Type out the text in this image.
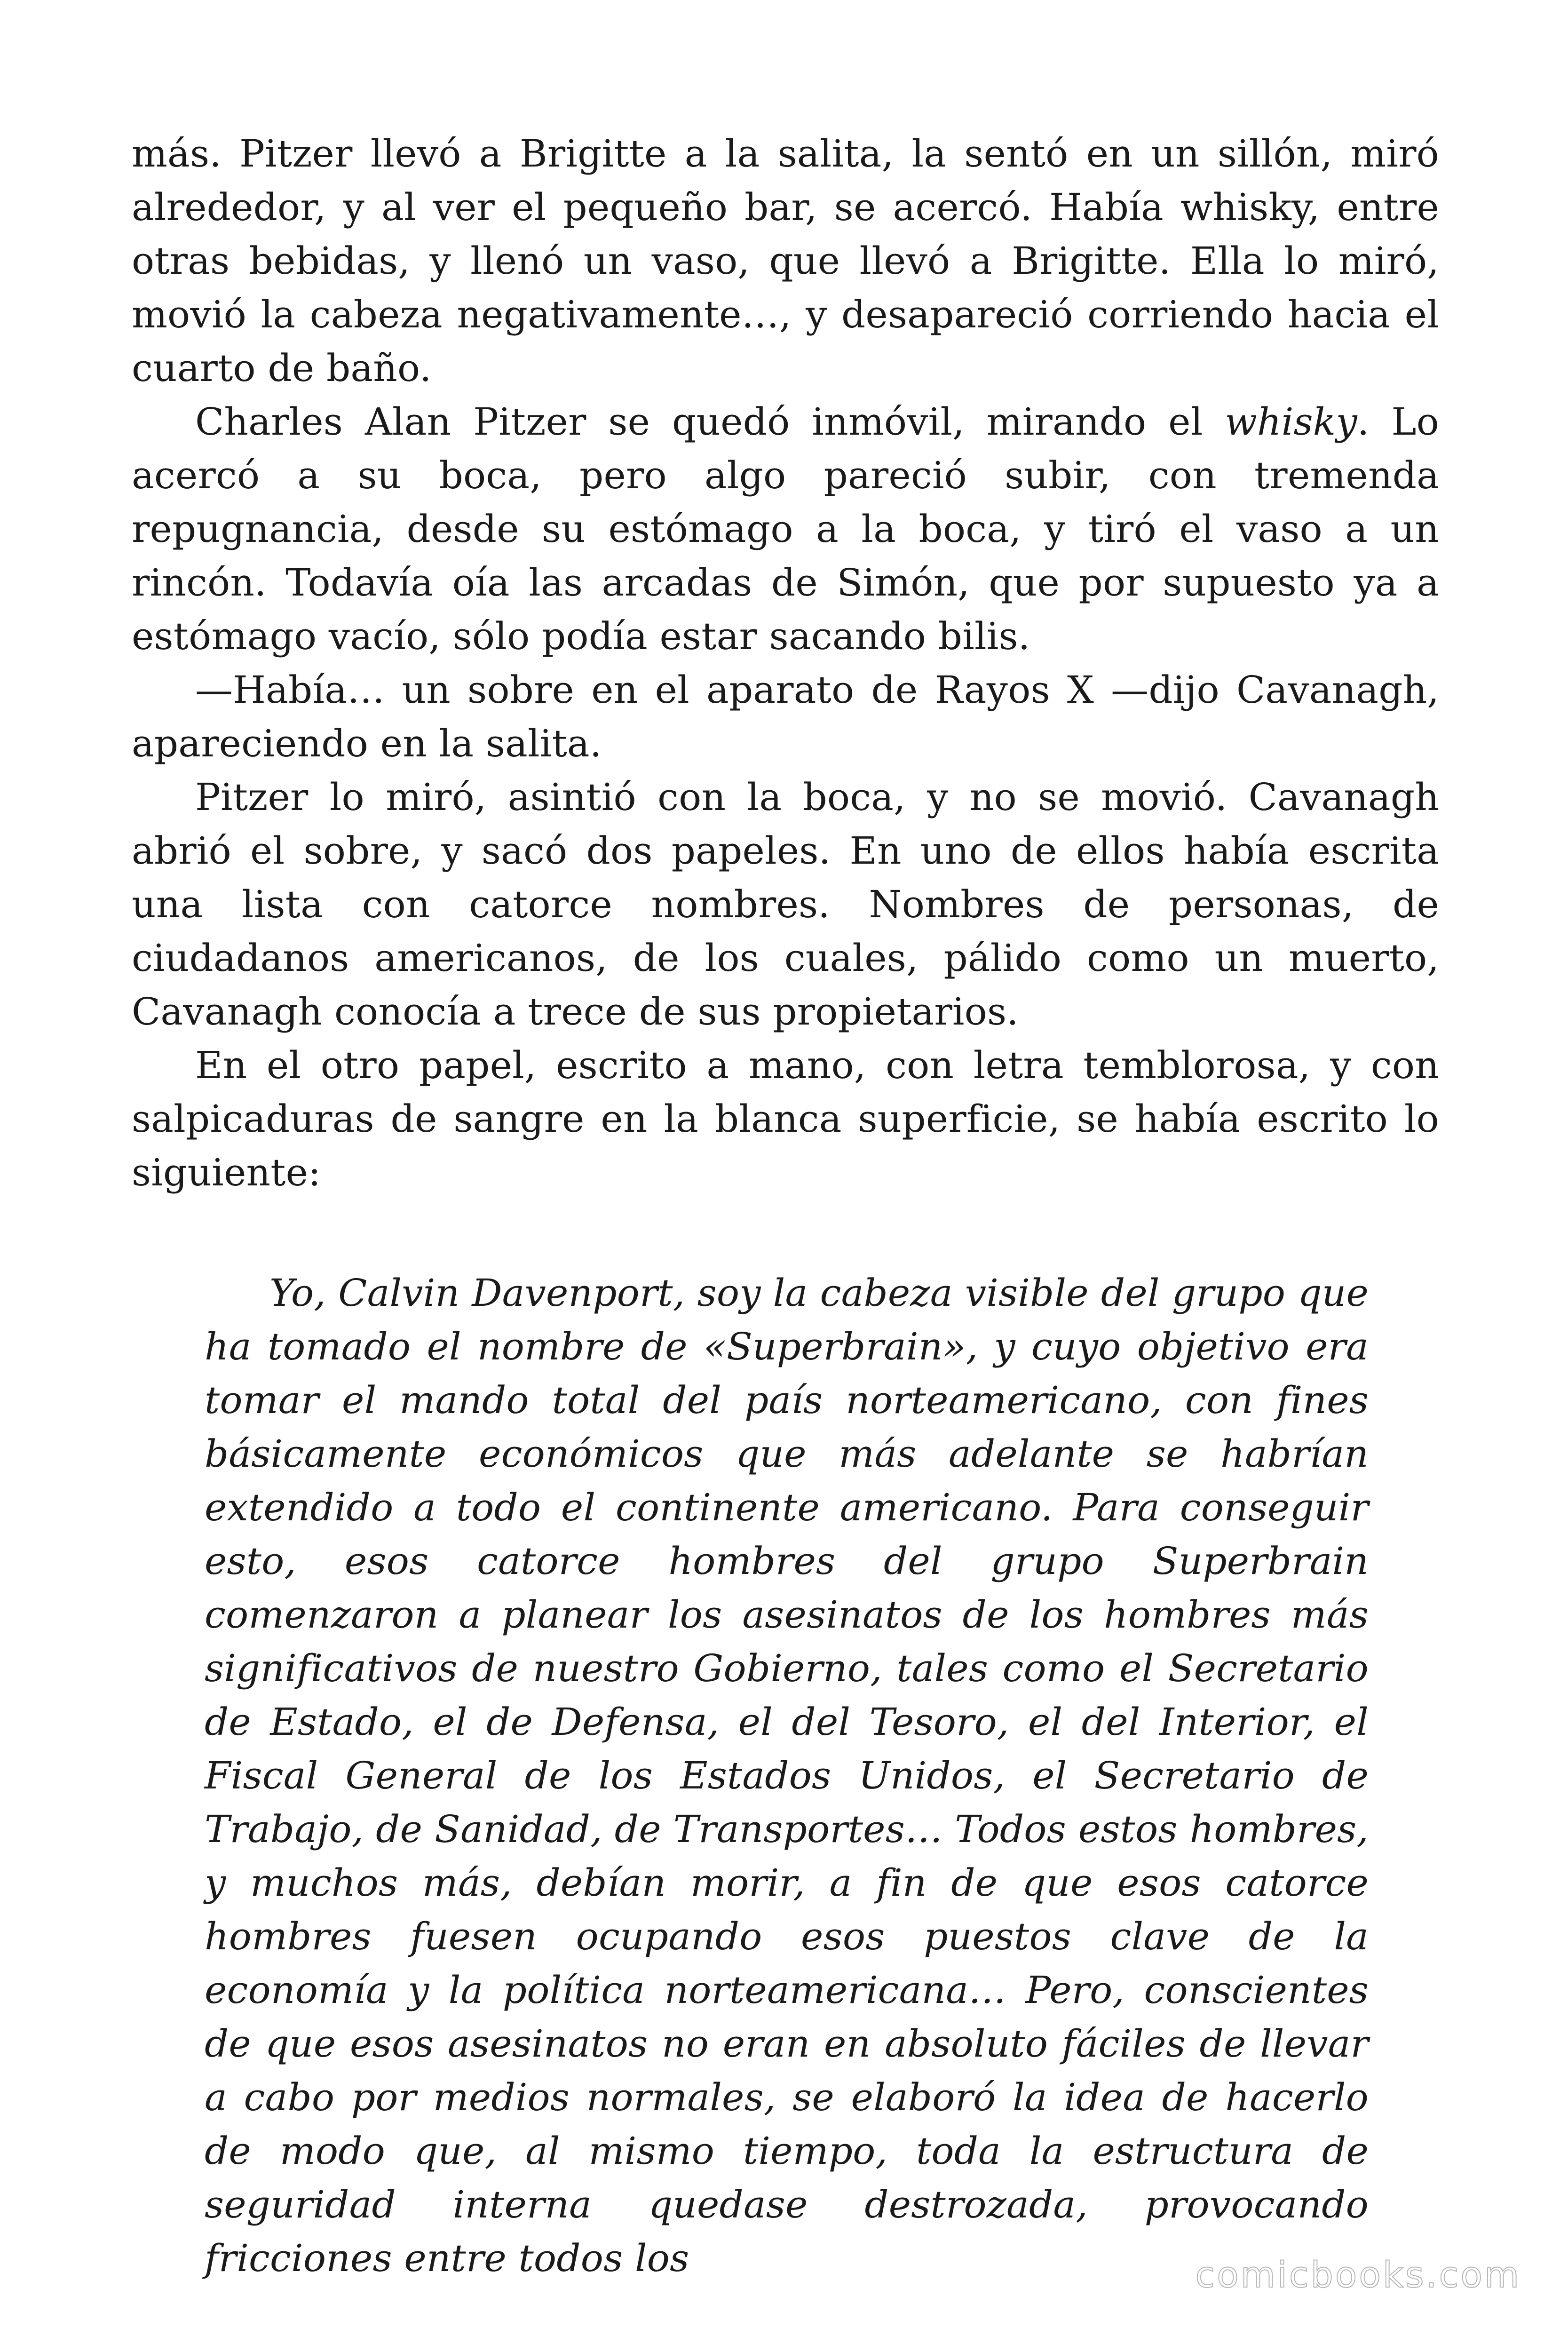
más. Pitzer llevó a Brigitte a la salita, la sentó en un sillón, miró alrededor, y al ver el pequeño bar, se acercó. Había whisky, entre otras bebidas, y llenó un vaso, que llevó a Brigitte. Ella lo miró, movió la cabeza negativamente…, y desapareció corriendo hacia el cuarto de baño.

Charles Alan Pitzer se quedó inmóvil, mirando el whisky. Lo acercó a su boca, pero algo pareció subir, con tremenda repugnancia, desde su estómago a la boca, y tiró el vaso a un rincón. Todavía oía las arcadas de Simón, que por supuesto ya a estómago vacío, sólo podía estar sacando bilis.

—Había… un sobre en el aparato de Rayos X —dijo Cavanagh, apareciendo en la salita.

Pitzer lo miró, asintió con la boca, y no se movió. Cavanagh abrió el sobre, y sacó dos papeles. En uno de ellos había escrita una lista con catorce nombres. Nombres de personas, de ciudadanos americanos, de los cuales, pálido como un muerto, Cavanagh conocía a trece de sus propietarios.

En el otro papel, escrito a mano, con letra temblorosa, y con salpicaduras de sangre en la blanca superficie, se había escrito lo siguiente:

Yo, Calvin Davenport, soy la cabeza visible del grupo que ha tomado el nombre de «Superbrain», y cuyo objetivo era tomar el mando total del país norteamericano, con fines básicamente económicos que más adelante se habrían extendido a todo el continente americano. Para conseguir esto, esos catorce hombres del grupo Superbrain comenzaron a planear los asesinatos de los hombres más significativos de nuestro Gobierno, tales como el Secretario de Estado, el de Defensa, el del Tesoro, el del Interior, el Fiscal General de los Estados Unidos, el Secretario de Trabajo, de Sanidad, de Transportes… Todos estos hombres, y muchos más, debían morir, a fin de que esos catorce hombres fuesen ocupando esos puestos clave de la economía y la política norteamericana… Pero, conscientes de que esos asesinatos no eran en absoluto fáciles de llevar a cabo por medios normales, se elaboró la idea de hacerlo de modo que, al mismo tiempo, toda la estructura de seguridad interna quedase destrozada, provocando fricciones entre todos los	comicbooks.com
